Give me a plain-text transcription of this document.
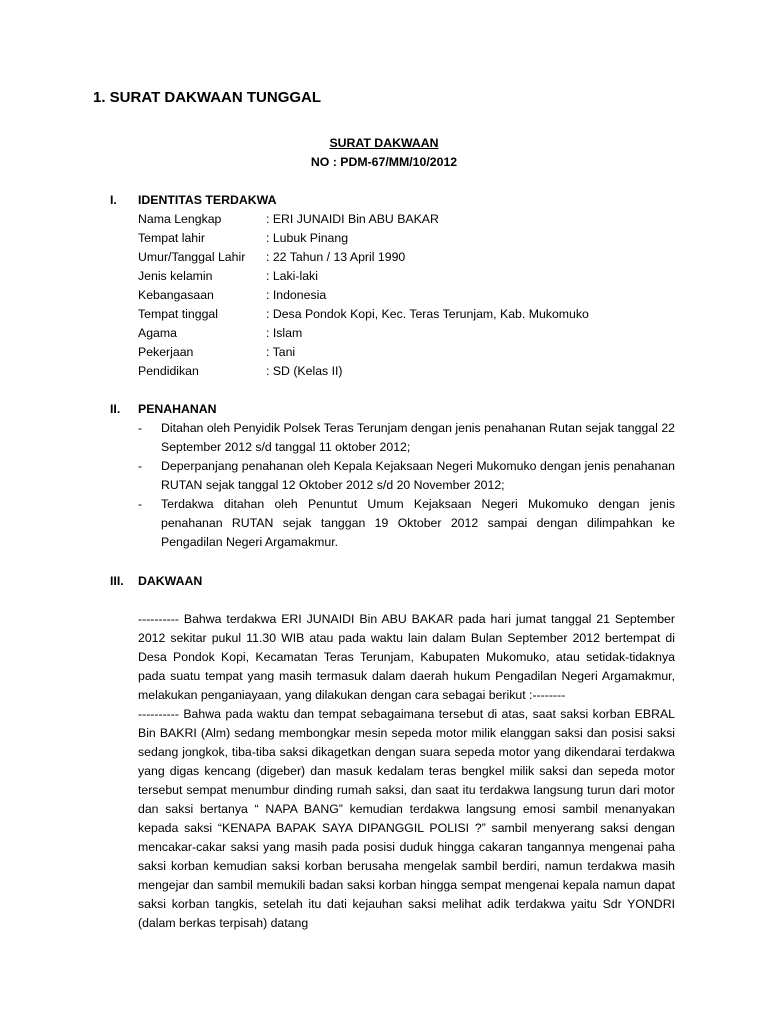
1. SURAT DAKWAAN TUNGGAL
SURAT DAKWAAN
NO : PDM-67/MM/10/2012
I. IDENTITAS TERDAKWA
Nama Lengkap	: ERI JUNAIDI Bin ABU BAKAR
Tempat lahir	: Lubuk Pinang
Umur/Tanggal Lahir : 22 Tahun / 13 April 1990
Jenis kelamin	: Laki-laki
Kebangasaan	: Indonesia
Tempat tinggal	: Desa Pondok Kopi, Kec. Teras Terunjam, Kab. Mukomuko
Agama	: Islam
Pekerjaan	: Tani
Pendidikan	: SD (Kelas II)
II. PENAHANAN
- Ditahan oleh Penyidik Polsek Teras Terunjam dengan jenis penahanan Rutan sejak tanggal 22 September 2012 s/d tanggal 11 oktober 2012;
- Deperpanjang penahanan oleh Kepala Kejaksaan Negeri Mukomuko dengan jenis penahanan RUTAN sejak tanggal 12 Oktober 2012 s/d 20 November 2012;
- Terdakwa ditahan oleh Penuntut Umum Kejaksaan Negeri Mukomuko dengan jenis penahanan RUTAN sejak tanggan 19 Oktober 2012 sampai dengan dilimpahkan ke Pengadilan Negeri Argamakmur.
III. DAKWAAN

---------- Bahwa terdakwa ERI JUNAIDI Bin ABU BAKAR pada hari jumat tanggal 21 September 2012 sekitar pukul 11.30 WIB atau pada waktu lain dalam Bulan September 2012 bertempat di Desa Pondok Kopi, Kecamatan Teras Terunjam, Kabupaten Mukomuko, atau setidak-tidaknya pada suatu tempat yang masih termasuk dalam daerah hukum Pengadilan Negeri Argamakmur, melakukan penganiayaan, yang dilakukan dengan cara sebagai berikut :--------

---------- Bahwa pada waktu dan tempat sebagaimana tersebut di atas, saat saksi korban EBRAL Bin BAKRI (Alm) sedang membongkar mesin sepeda motor milik elanggan saksi dan posisi saksi sedang jongkok, tiba-tiba saksi dikagetkan dengan suara sepeda motor yang dikendarai terdakwa yang digas kencang (digeber) dan masuk kedalam teras bengkel milik saksi dan sepeda motor tersebut sempat menumbur dinding rumah saksi, dan saat itu terdakwa langsung turun dari motor dan saksi bertanya “ NAPA BANG” kemudian terdakwa langsung emosi sambil menanyakan kepada saksi “KENAPA BAPAK SAYA DIPANGGIL POLISI ?” sambil menyerang saksi dengan mencakar-cakar saksi yang masih pada posisi duduk hingga cakaran tangannya mengenai paha saksi korban kemudian saksi korban berusaha mengelak sambil berdiri, namun terdakwa masih mengejar dan sambil memukili badan saksi korban hingga sempat mengenai kepala namun dapat saksi korban tangkis, setelah itu dati kejauhan saksi melihat adik terdakwa yaitu Sdr YONDRI (dalam berkas terpisah) datang
